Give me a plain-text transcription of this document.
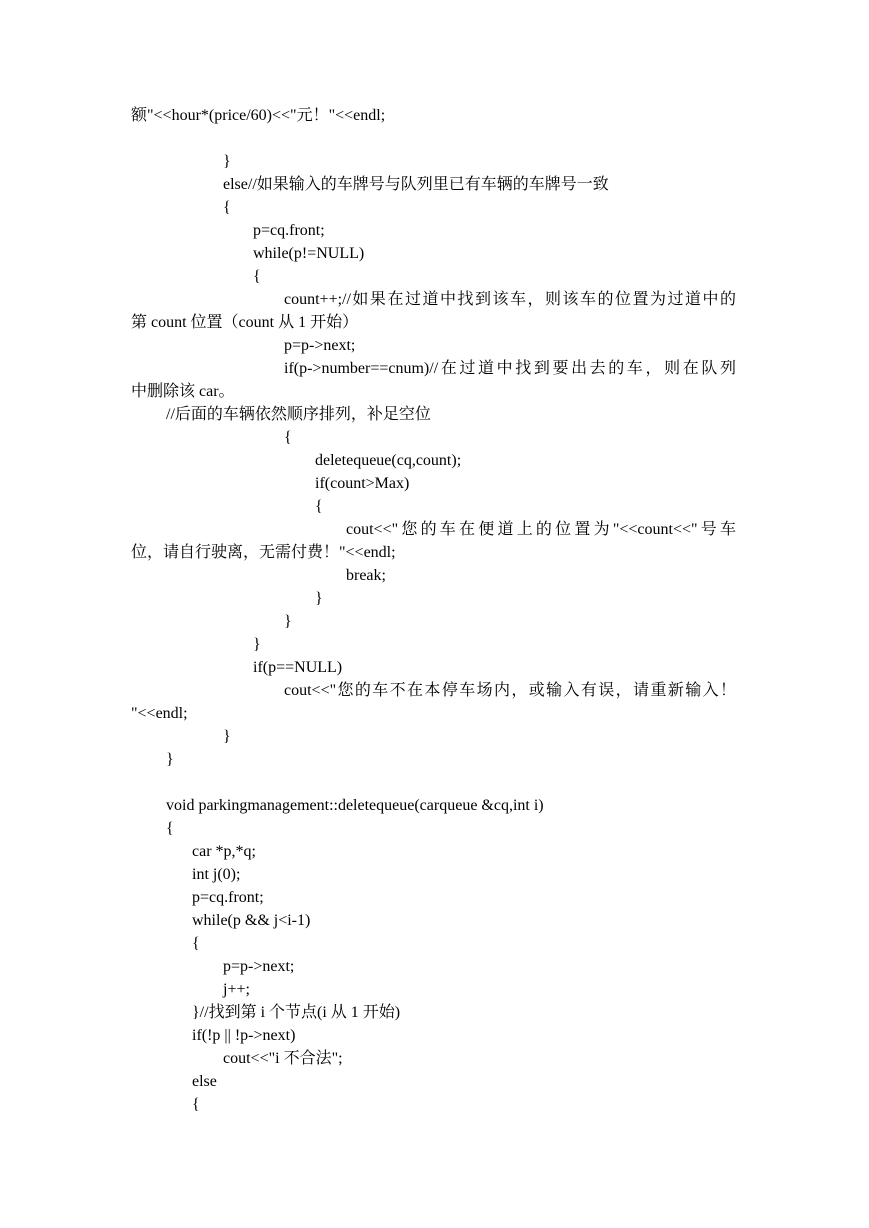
额"<<hour*(price/60)<<"元！"<<endl;
}
else//如果输入的车牌号与队列里已有车辆的车牌号一致
{
p=cq.front;
while(p!=NULL)
{
count++;//如果在过道中找到该车，则该车的位置为过道中的
第 count 位置（count 从 1 开始）
p=p->next;
if(p->number==cnum)//在过道中找到要出去的车，则在队列
中删除该 car。
//后面的车辆依然顺序排列，补足空位
{
deletequeue(cq,count);
if(count>Max)
{
cout<<"您的车在便道上的位置为"<<count<<"号车
位，请自行驶离，无需付费！"<<endl;
break;
}
}
}
if(p==NULL)
cout<<"您的车不在本停车场内，或输入有误，请重新输入！
"<<endl;
}
}
void parkingmanagement::deletequeue(carqueue &cq,int i)
{
car *p,*q;
int j(0);
p=cq.front;
while(p && j<i-1)
{
p=p->next;
j++;
}//找到第 i 个节点(i 从 1 开始)
if(!p || !p->next)
cout<<"i 不合法";
else
{
